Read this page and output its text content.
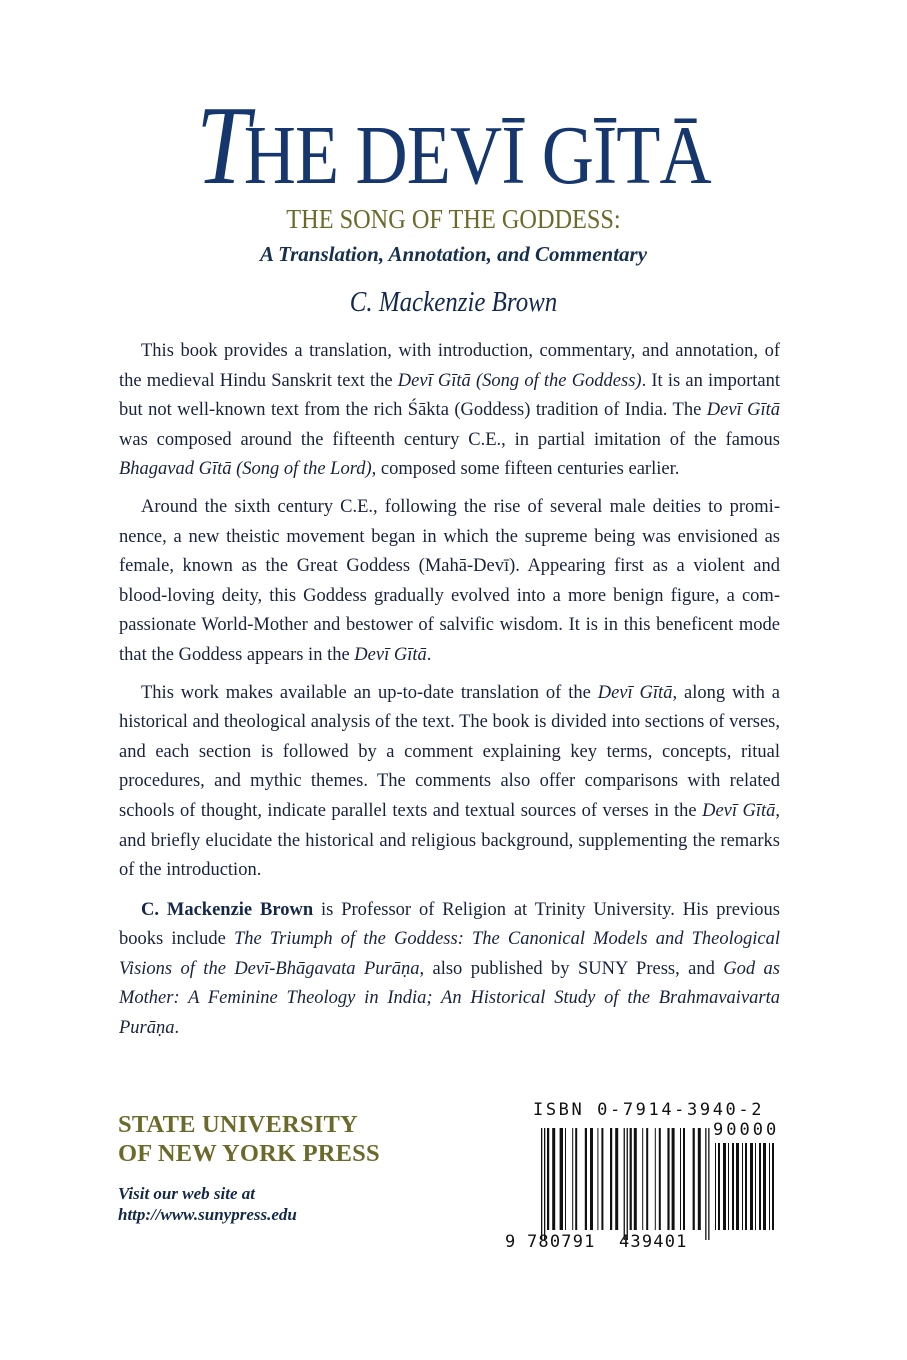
THE DEVĪ GĪTĀ
THE SONG OF THE GODDESS:
A Translation, Annotation, and Commentary
C. Mackenzie Brown

This book provides a translation, with introduction, commentary, and annotation, of the medieval Hindu Sanskrit text the Devī Gītā (Song of the Goddess). It is an important but not well-known text from the rich Śākta (Goddess) tradition of India. The Devī Gītā was composed around the fifteenth century C.E., in partial imitation of the famous Bhagavad Gītā (Song of the Lord), composed some fifteen centuries earlier.

Around the sixth century C.E., following the rise of several male deities to prominence, a new theistic movement began in which the supreme being was envisioned as female, known as the Great Goddess (Mahā-Devī). Appearing first as a violent and blood-loving deity, this Goddess gradually evolved into a more benign figure, a compassionate World-Mother and bestower of salvific wisdom. It is in this beneficent mode that the Goddess appears in the Devī Gītā.

This work makes available an up-to-date translation of the Devī Gītā, along with a historical and theological analysis of the text. The book is divided into sections of verses, and each section is followed by a comment explaining key terms, concepts, ritual procedures, and mythic themes. The comments also offer comparisons with related schools of thought, indicate parallel texts and textual sources of verses in the Devī Gītā, and briefly elucidate the historical and religious background, supplementing the remarks of the introduction.

C. Mackenzie Brown is Professor of Religion at Trinity University. His previous books include The Triumph of the Goddess: The Canonical Models and Theological Visions of the Devī-Bhāgavata Purāṇa, also published by SUNY Press, and God as Mother: A Feminine Theology in India; An Historical Study of the Brahmavaivarta Purāṇa.

STATE UNIVERSITY
OF NEW YORK PRESS
Visit our web site at
http://www.sunypress.edu
ISBN 0-7914-3940-2
90000
9 780791 439401
